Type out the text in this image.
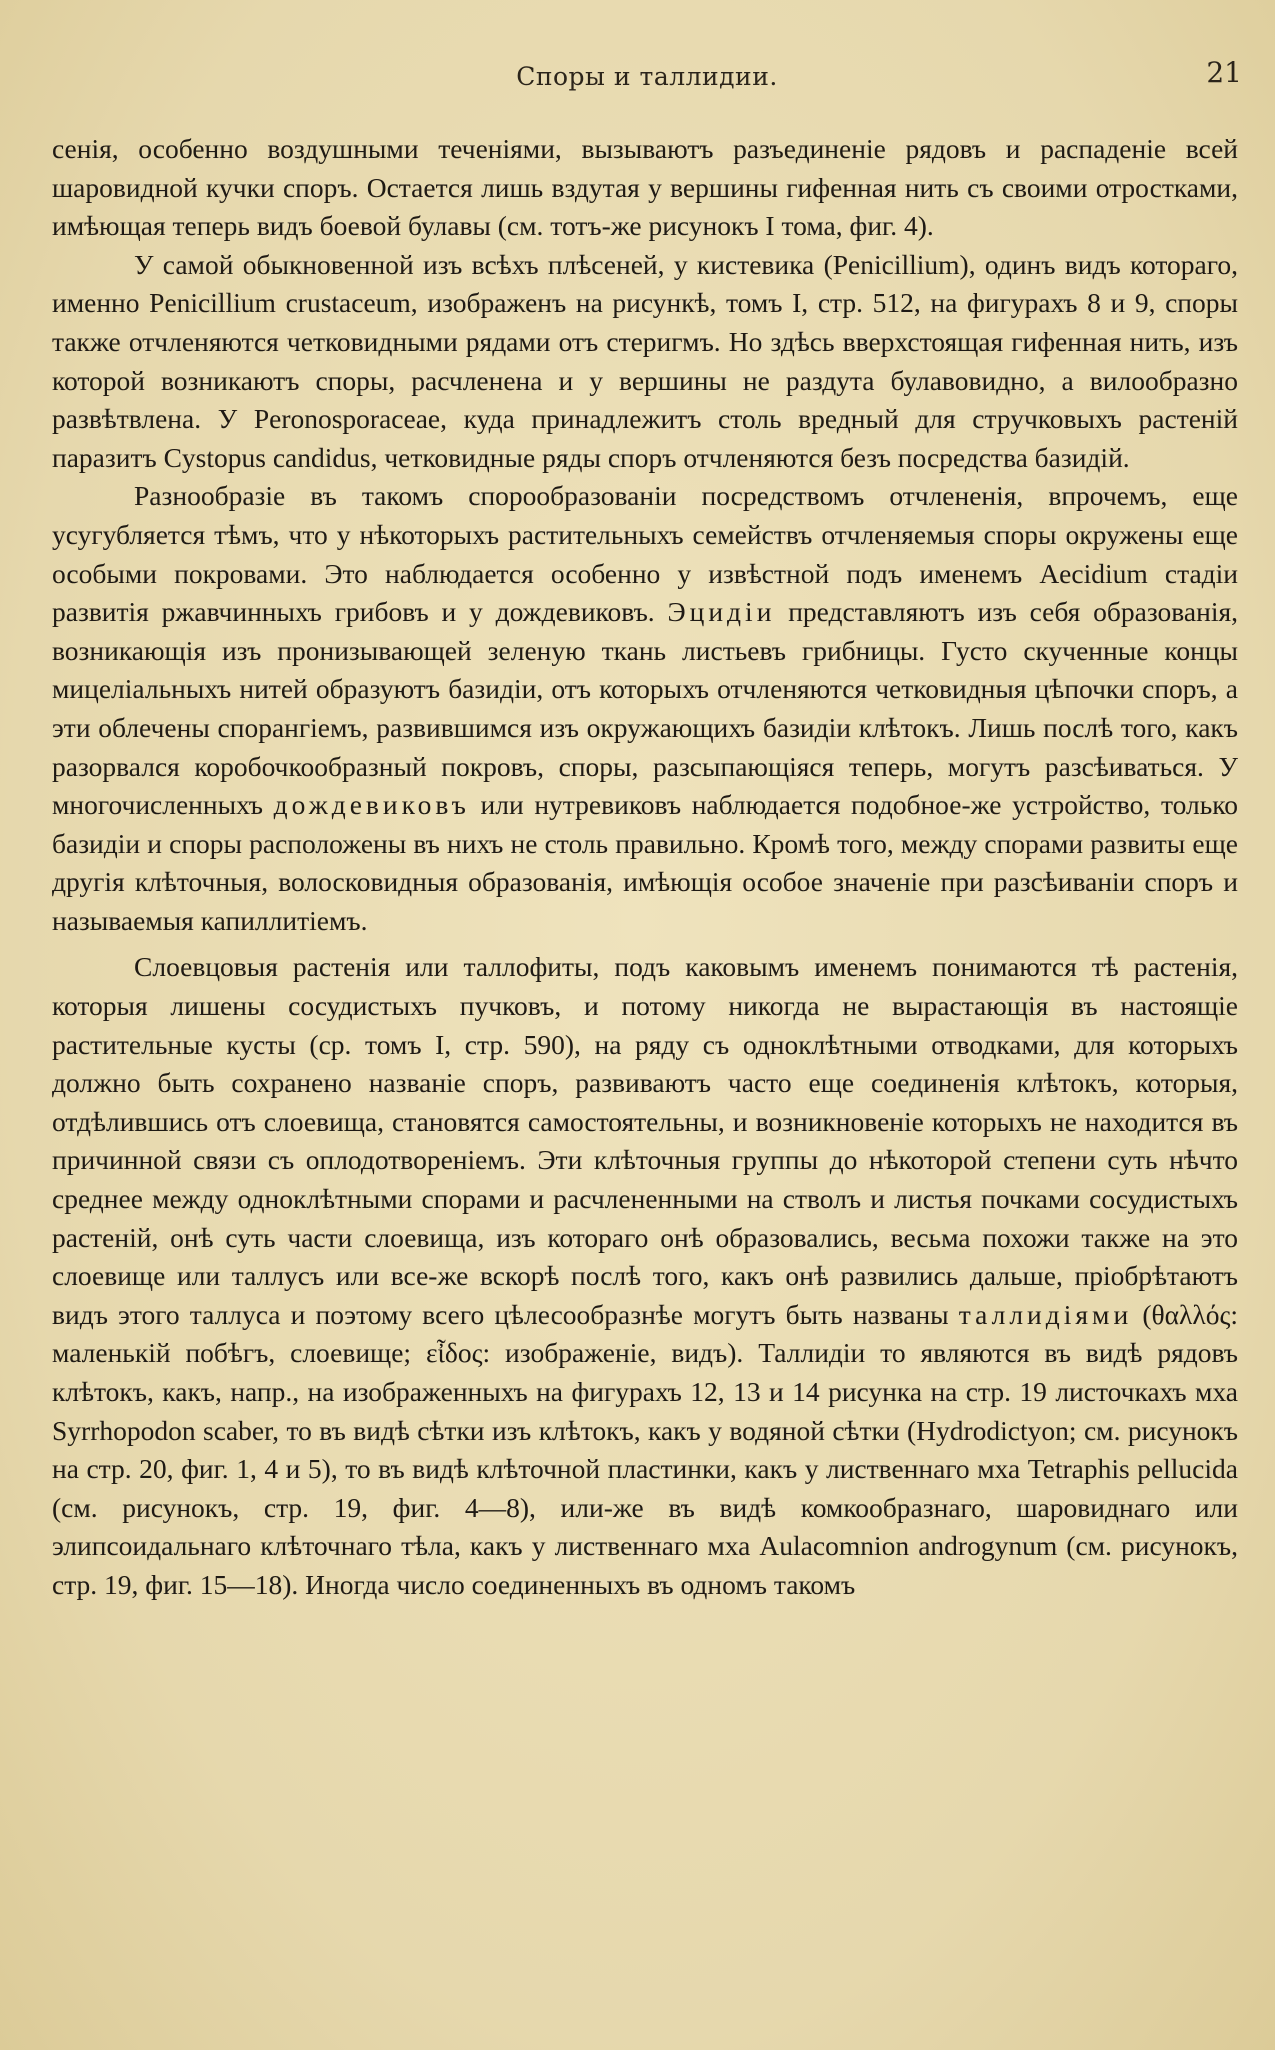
Споры и таллидии.	21

сенія, особенно воздушными теченіями, вызываютъ разъединеніе рядовъ и распаденіе всей шаровидной кучки споръ. Остается лишь вздутая у вершины гифенная нить съ своими отростками, имѣющая теперь видъ боевой булавы (см. тотъ-же рисунокъ I тома, фиг. 4).

У самой обыкновенной изъ всѣхъ плѣсеней, у кистевика (Penicillium), одинъ видъ котораго, именно Penicillium crustaceum, изображенъ на рисункѣ, томъ I, стр. 512, на фигурахъ 8 и 9, споры также отчленяются четковидными рядами отъ стеригмъ. Но здѣсь вверхстоящая гифенная нить, изъ которой возникаютъ споры, расчленена и у вершины не раздута булавовидно, а вилообразно развѣтвлена. У Peronosporaceae, куда принадлежитъ столь вредный для стручковыхъ растеній паразитъ Cystopus candidus, четковидные ряды споръ отчленяются безъ посредства базидій.

Разнообразіе въ такомъ спорообразованіи посредствомъ отчлененія, впрочемъ, еще усугубляется тѣмъ, что у нѣкоторыхъ растительныхъ семействъ отчленяемыя споры окружены еще особыми покровами. Это наблюдается особенно у извѣстной подъ именемъ Aecidium стадіи развитія ржавчинныхъ грибовъ и у дождевиковъ. Эцидіи представляютъ изъ себя образованія, возникающія изъ пронизывающей зеленую ткань листьевъ грибницы. Густо скученные концы мицеліальныхъ нитей образуютъ базидіи, отъ которыхъ отчленяются четковидныя цѣпочки споръ, а эти облечены спорангіемъ, развившимся изъ окружающихъ базидіи клѣтокъ. Лишь послѣ того, какъ разорвался коробочкообразный покровъ, споры, разсыпающіяся теперь, могутъ разсѣиваться. У многочисленныхъ дождевиковъ или нутревиковъ наблюдается подобное-же устройство, только базидіи и споры расположены въ нихъ не столь правильно. Кромѣ того, между спорами развиты еще другія клѣточныя, волосковидныя образованія, имѣющія особое значеніе при разсѣиваніи споръ и называемыя капиллитіемъ.

Слоевцовыя растенія или таллофиты, подъ каковымъ именемъ понимаются тѣ растенія, которыя лишены сосудистыхъ пучковъ, и потому никогда не вырастающія въ настоящіе растительные кусты (ср. томъ I, стр. 590), на ряду съ одноклѣтными отводками, для которыхъ должно быть сохранено названіе споръ, развиваютъ часто еще соединенія клѣтокъ, которыя, отдѣлившись отъ слоевища, становятся самостоятельны, и возникновеніе которыхъ не находится въ причинной связи съ оплодотвореніемъ. Эти клѣточныя группы до нѣкоторой степени суть нѣчто среднее между одноклѣтными спорами и расчлененными на стволъ и листья почками сосудистыхъ растеній, онѣ суть части слоевища, изъ котораго онѣ образовались, весьма похожи также на это слоевище или таллусъ или все-же вскорѣ послѣ того, какъ онѣ развились дальше, пріобрѣтаютъ видъ этого таллуса и поэтому всего цѣлесообразнѣе могутъ быть названы таллидіями (θαλλός: маленькій побѣгъ, слоевище; εἶδος: изображеніе, видъ). Таллидіи то являются въ видѣ рядовъ клѣтокъ, какъ, напр., на изображенныхъ на фигурахъ 12, 13 и 14 рисунка на стр. 19 листочкахъ мха Syrrhopodon scaber, то въ видѣ сѣтки изъ клѣтокъ, какъ у водяной сѣтки (Hydrodictyon; см. рисунокъ на стр. 20, фиг. 1, 4 и 5), то въ видѣ клѣточной пластинки, какъ у лиственнаго мха Tetraphis pellucida (см. рисунокъ, стр. 19, фиг. 4—8), или-же въ видѣ комкообразнаго, шаровиднаго или элипсоидальнаго клѣточнаго тѣла, какъ у лиственнаго мха Aulacomnion androgynum (см. рисунокъ, стр. 19, фиг. 15—18). Иногда число соединенныхъ въ одномъ такомъ
